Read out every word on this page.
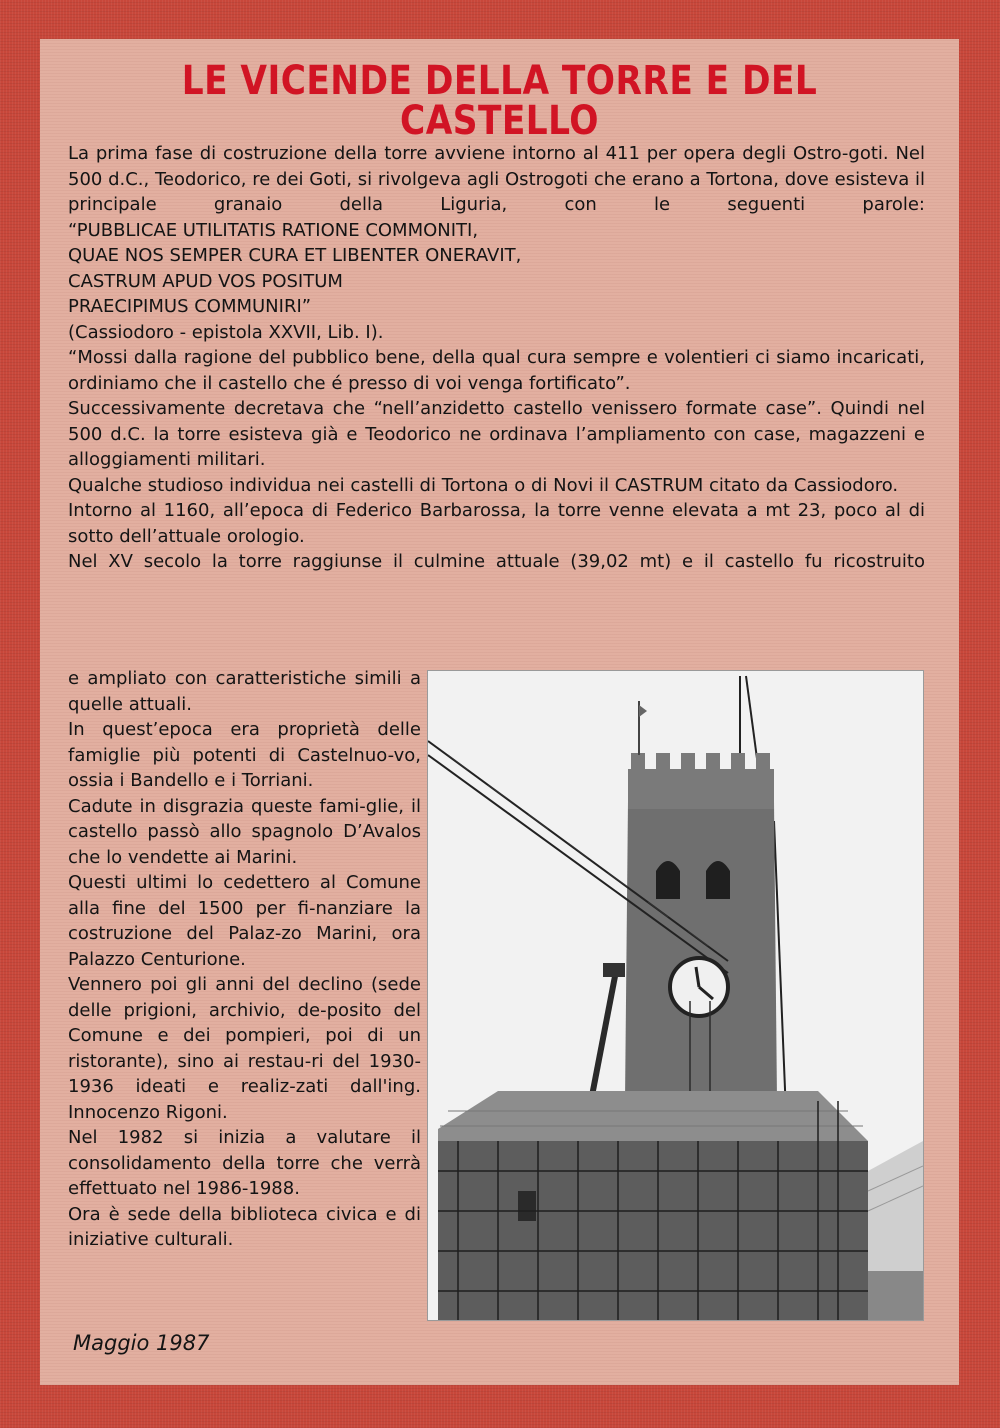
LE VICENDE DELLA TORRE E DEL CASTELLO

La prima fase di costruzione della torre avviene intorno al 411 per opera degli Ostro-goti. Nel 500 d.C., Teodorico, re dei Goti, si rivolgeva agli Ostrogoti che erano a Tortona, dove esisteva il principale granaio della Liguria, con le seguenti parole:

“PUBBLICAE UTILITATIS RATIONE COMMONITI,

QUAE NOS SEMPER CURA ET LIBENTER ONERAVIT,

CASTRUM APUD VOS POSITUM

PRAECIPIMUS COMMUNIRI”

(Cassiodoro - epistola XXVII, Lib. I).

“Mossi dalla ragione del pubblico bene, della qual cura sempre e volentieri ci siamo incaricati, ordiniamo che il castello che é presso di voi venga fortificato”.

Successivamente decretava che “nell’anzidetto castello venissero formate case”. Quindi nel 500 d.C. la torre esisteva già e Teodorico ne ordinava l’ampliamento con case, magazzeni e alloggiamenti militari.

Qualche studioso individua nei castelli di Tortona o di Novi il CASTRUM citato da Cassiodoro.

Intorno al 1160, all’epoca di Federico Barbarossa, la torre venne elevata a mt 23, poco al di sotto dell’attuale orologio.

Nel XV secolo la torre raggiunse il culmine attuale (39,02 mt) e il castello fu ricostruito

e ampliato con caratteristiche simili a quelle attuali.

In quest’epoca era proprietà delle famiglie più potenti di Castelnuo-vo, ossia i Bandello e i Torriani.

Cadute in disgrazia queste fami-glie, il castello passò allo spagnolo D’Avalos che lo vendette ai Marini.

Questi ultimi lo cedettero al Comune alla fine del 1500 per fi-nanziare la costruzione del Palaz-zo Marini, ora Palazzo Centurione.

Vennero poi gli anni del declino (sede delle prigioni, archivio, de-posito del Comune e dei pompieri, poi di un ristorante), sino ai restau-ri del 1930-1936 ideati e realiz-zati dall'ing. Innocenzo Rigoni.

Nel 1982 si inizia a valutare il consolidamento della torre che verrà effettuato nel 1986-1988.

Ora è sede della biblioteca civica e di iniziative culturali.

Maggio 1987
